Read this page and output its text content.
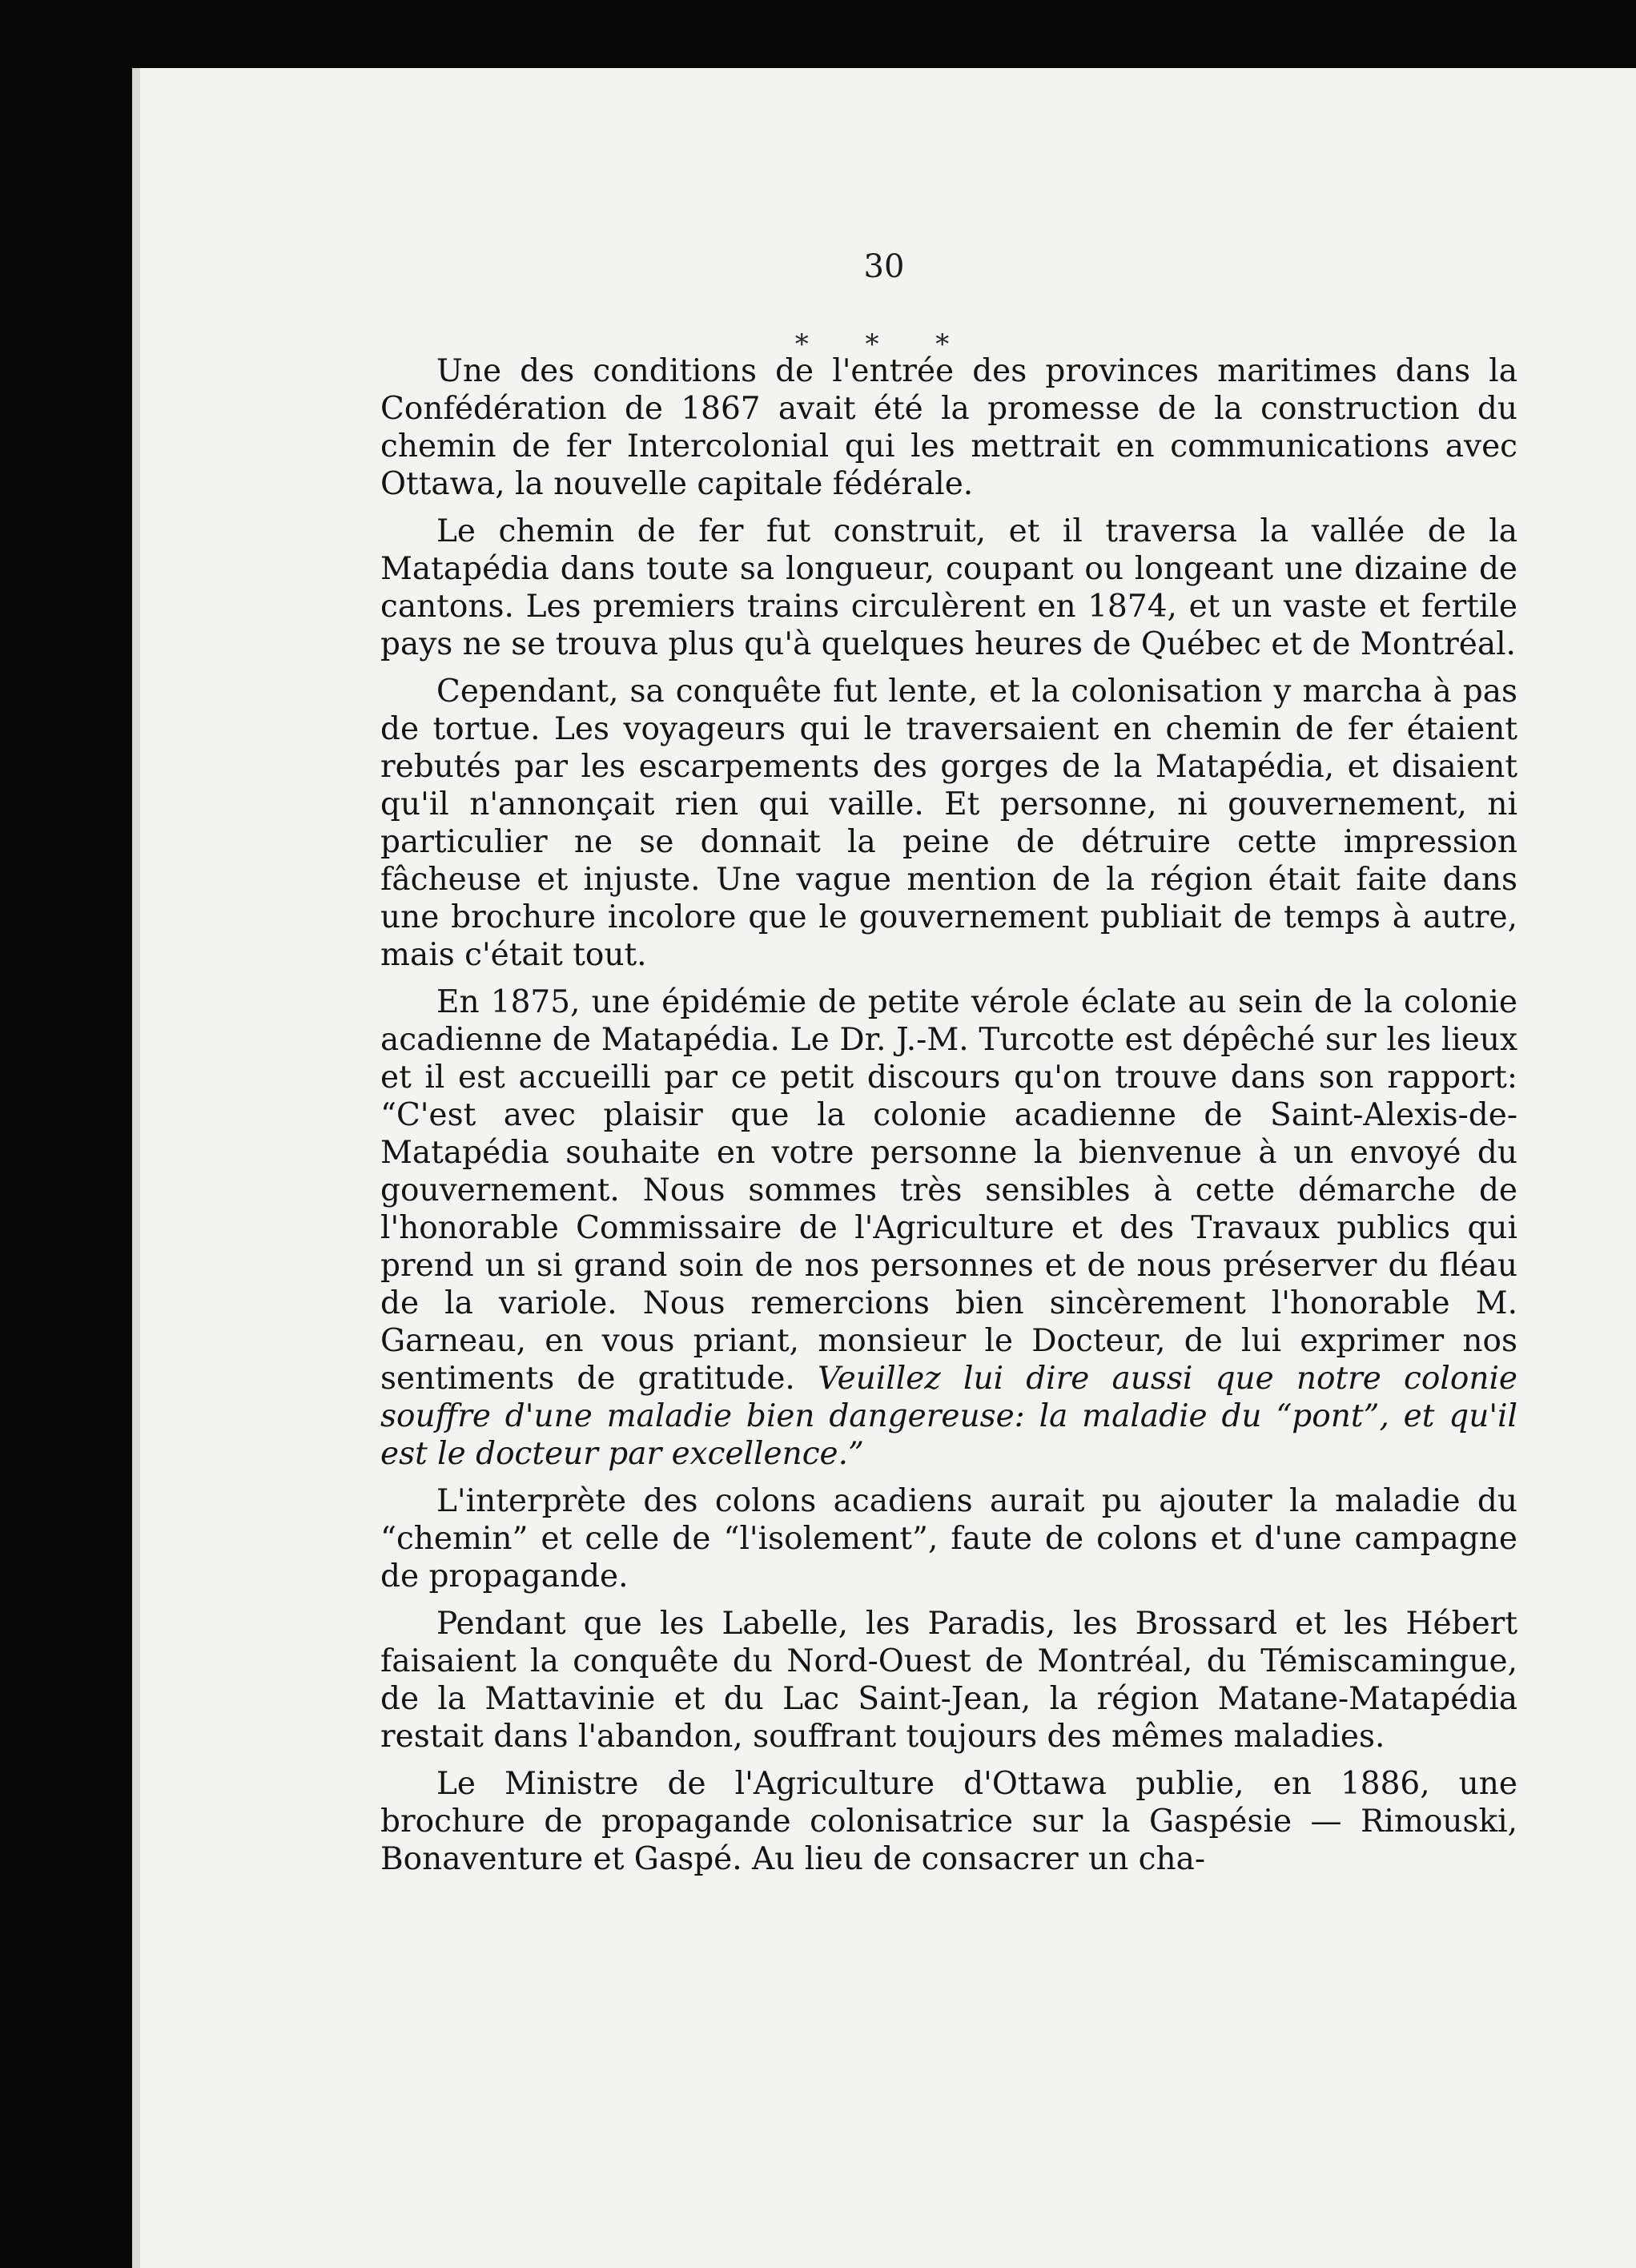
30
* * *

Une des conditions de l'entrée des provinces maritimes dans la Confédération de 1867 avait été la promesse de la construction du chemin de fer Intercolonial qui les mettrait en communications avec Ottawa, la nouvelle capitale fédérale.

Le chemin de fer fut construit, et il traversa la vallée de la Matapédia dans toute sa longueur, coupant ou longeant une dizaine de cantons. Les premiers trains circulèrent en 1874, et un vaste et fertile pays ne se trouva plus qu'à quelques heures de Québec et de Montréal.

Cependant, sa conquête fut lente, et la colonisation y marcha à pas de tortue. Les voyageurs qui le traversaient en chemin de fer étaient rebutés par les escarpements des gorges de la Matapédia, et disaient qu'il n'annonçait rien qui vaille. Et personne, ni gouvernement, ni particulier ne se donnait la peine de détruire cette impression fâcheuse et injuste. Une vague mention de la région était faite dans une brochure incolore que le gouvernement publiait de temps à autre, mais c'était tout.

En 1875, une épidémie de petite vérole éclate au sein de la colonie acadienne de Matapédia. Le Dr. J.-M. Turcotte est dépêché sur les lieux et il est accueilli par ce petit discours qu'on trouve dans son rapport: “C'est avec plaisir que la colonie acadienne de Saint-Alexis-de-Matapédia souhaite en votre personne la bienvenue à un envoyé du gouvernement. Nous sommes très sensibles à cette démarche de l'honorable Commissaire de l'Agriculture et des Travaux publics qui prend un si grand soin de nos personnes et de nous préserver du fléau de la variole. Nous remercions bien sincèrement l'honorable M. Garneau, en vous priant, monsieur le Docteur, de lui exprimer nos sentiments de gratitude. Veuillez lui dire aussi que notre colonie souffre d'une maladie bien dangereuse: la maladie du “pont”, et qu'il est le docteur par excellence.”

L'interprète des colons acadiens aurait pu ajouter la maladie du “chemin” et celle de “l'isolement”, faute de colons et d'une campagne de propagande.

Pendant que les Labelle, les Paradis, les Brossard et les Hébert faisaient la conquête du Nord-Ouest de Montréal, du Témiscamingue, de la Mattavinie et du Lac Saint-Jean, la région Matane-Matapédia restait dans l'abandon, souffrant toujours des mêmes maladies.

Le Ministre de l'Agriculture d'Ottawa publie, en 1886, une brochure de propagande colonisatrice sur la Gaspésie — Rimouski, Bonaventure et Gaspé. Au lieu de consacrer un cha-
